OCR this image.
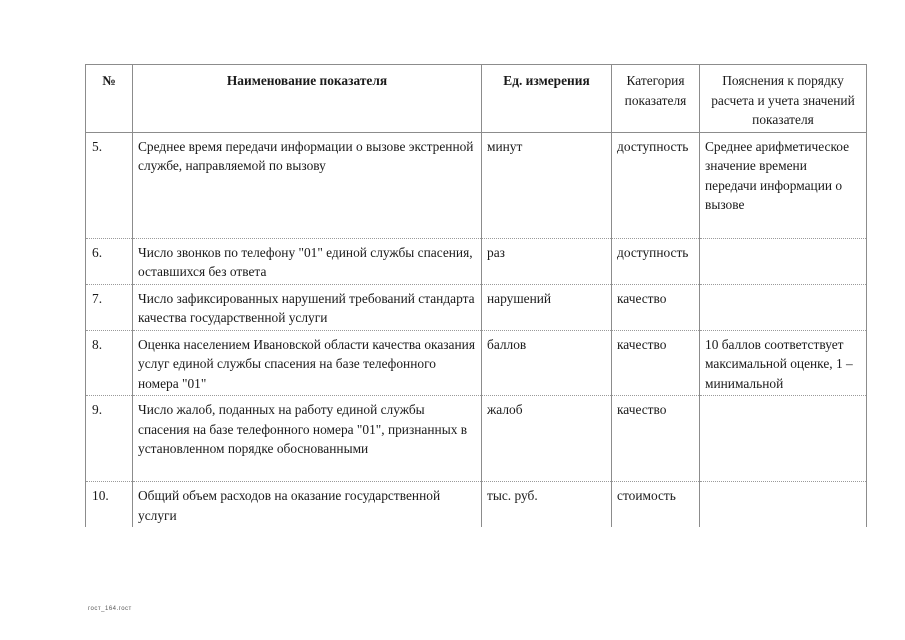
№	Наименование показателя	Ед. измерения	Категория показателя	Пояснения к порядку расчета и учета значений показателя
5.	Среднее время передачи информации о вызове экстренной службе, направляемой по вызову	минут	доступность	Среднее арифметическое значение времени передачи информации о вызове
6.	Число звонков по телефону "01" единой службы спасения, оставшихся без ответа	раз	доступность	
7.	Число зафиксированных нарушений требований стандарта качества государственной услуги	нарушений	качество	
8.	Оценка населением Ивановской области качества оказания услуг единой службы спасения на базе телефонного номера "01"	баллов	качество	10 баллов соответствует максимальной оценке, 1 – минимальной
9.	Число жалоб, поданных на работу единой службы спасения на базе телефонного номера "01", признанных в установленном порядке обоснованными	жалоб	качество	
10.	Общий объем расходов на оказание государственной услуги	тыс. руб.	стоимость	
гост_164.гост
